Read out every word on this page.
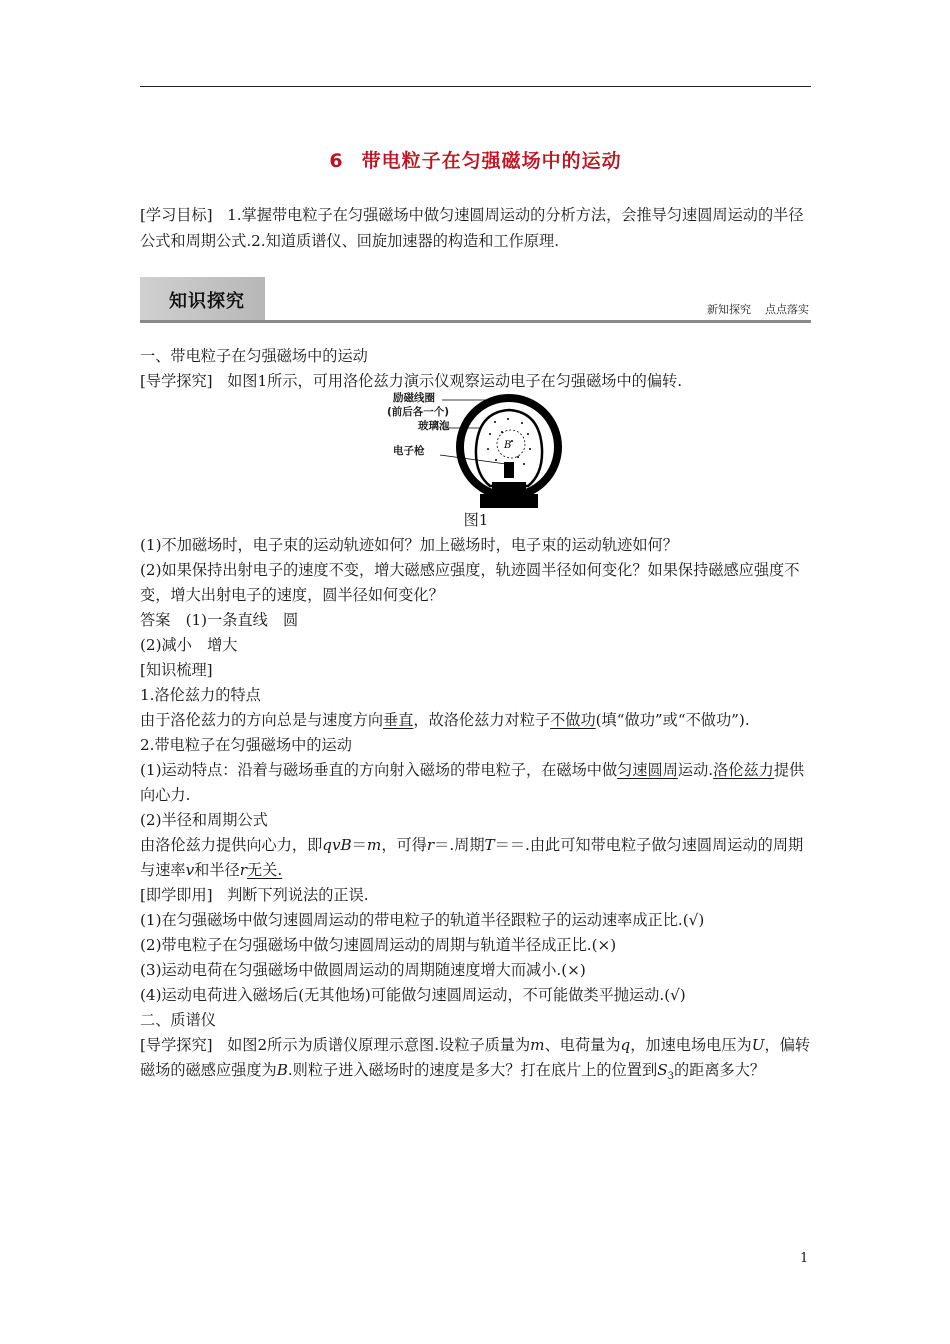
6 带电粒子在匀强磁场中的运动

[学习目标] 1.掌握带电粒子在匀强磁场中做匀速圆周运动的分析方法，会推导匀速圆周运动的半径公式和周期公式.2.知道质谱仪、回旋加速器的构造和工作原理.

知识探究	新知探究 点点落实

一、带电粒子在匀强磁场中的运动

[导学探究] 如图1所示，可用洛伦兹力演示仪观察运动电子在匀强磁场中的偏转.

B
励磁线圈
(前后各一个)
玻璃泡
电子枪

图1

(1)不加磁场时，电子束的运动轨迹如何？加上磁场时，电子束的运动轨迹如何？

(2)如果保持出射电子的速度不变，增大磁感应强度，轨迹圆半径如何变化？如果保持磁感应强度不变，增大出射电子的速度，圆半径如何变化？

答案　(1)一条直线　圆

(2)减小　增大

[知识梳理]

1.洛伦兹力的特点

由于洛伦兹力的方向总是与速度方向垂直，故洛伦兹力对粒子不做功(填“做功”或“不做功”).

2.带电粒子在匀强磁场中的运动

(1)运动特点：沿着与磁场垂直的方向射入磁场的带电粒子，在磁场中做匀速圆周运动.洛伦兹力提供向心力.

(2)半径和周期公式

由洛伦兹力提供向心力，即qvB＝m，可得r＝.周期T＝＝.由此可知带电粒子做匀速圆周运动的周期与速率v和半径r无关.

[即学即用] 判断下列说法的正误.

(1)在匀强磁场中做匀速圆周运动的带电粒子的轨道半径跟粒子的运动速率成正比.(√)

(2)带电粒子在匀强磁场中做匀速圆周运动的周期与轨道半径成正比.(×)

(3)运动电荷在匀强磁场中做圆周运动的周期随速度增大而减小.(×)

(4)运动电荷进入磁场后(无其他场)可能做匀速圆周运动，不可能做类平抛运动.(√)

二、质谱仪

[导学探究] 如图2所示为质谱仪原理示意图.设粒子质量为m、电荷量为q，加速电场电压为U，偏转磁场的磁感应强度为B.则粒子进入磁场时的速度是多大？打在底片上的位置到$S_3$的距离多大？

1
